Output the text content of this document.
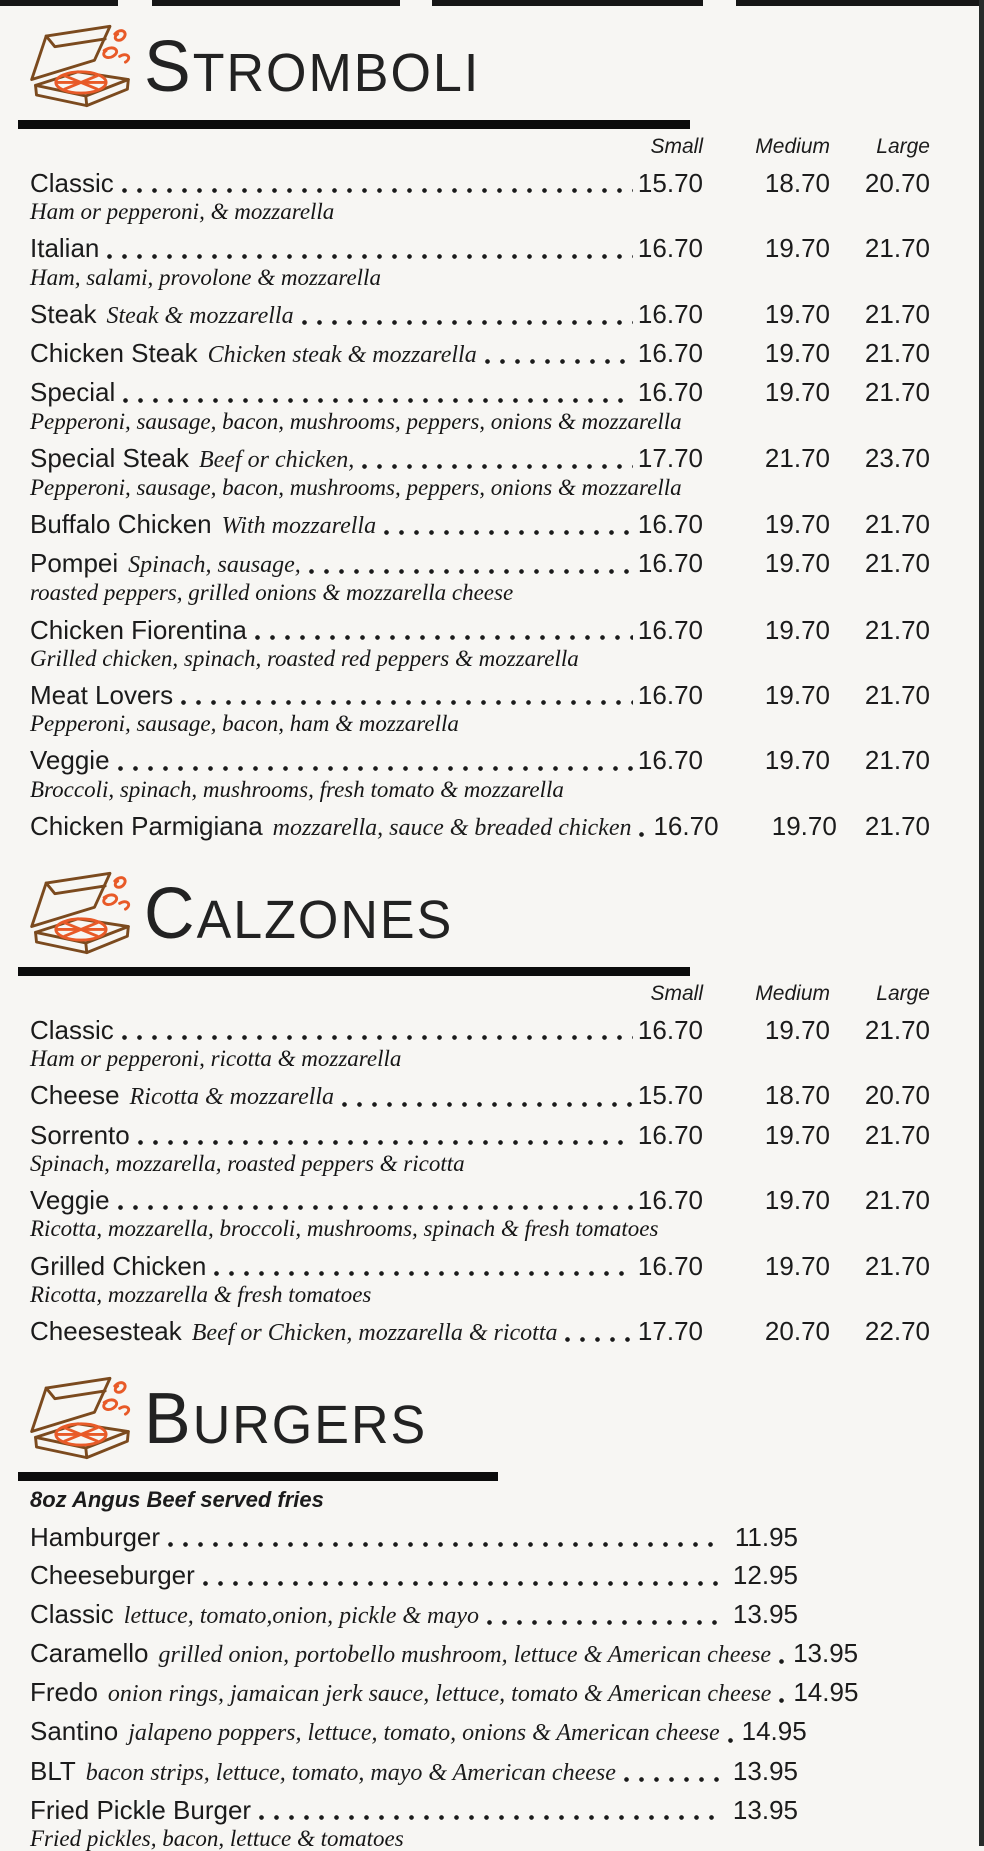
STROMBOLI
Small	Medium	Large
Classic	15.70	18.70	20.70
Ham or pepperoni, & mozzarella
Italian	16.70	19.70	21.70
Ham, salami, provolone & mozzarella
Steak Steak & mozzarella	16.70	19.70	21.70
Chicken Steak Chicken steak & mozzarella	16.70	19.70	21.70
Special	16.70	19.70	21.70
Pepperoni, sausage, bacon, mushrooms, peppers, onions & mozzarella
Special Steak Beef or chicken,	17.70	21.70	23.70
Pepperoni, sausage, bacon, mushrooms, peppers, onions & mozzarella
Buffalo Chicken With mozzarella	16.70	19.70	21.70
Pompei Spinach, sausage,	16.70	19.70	21.70
roasted peppers, grilled onions & mozzarella cheese
Chicken Fiorentina	16.70	19.70	21.70
Grilled chicken, spinach, roasted red peppers & mozzarella
Meat Lovers	16.70	19.70	21.70
Pepperoni, sausage, bacon, ham & mozzarella
Veggie	16.70	19.70	21.70
Broccoli, spinach, mushrooms, fresh tomato & mozzarella
Chicken Parmigiana mozzarella, sauce & breaded chicken 16.70	19.70	21.70
CALZONES
Small	Medium	Large
Classic	16.70	19.70	21.70
Ham or pepperoni, ricotta & mozzarella
Cheese Ricotta & mozzarella	15.70	18.70	20.70
Sorrento	16.70	19.70	21.70
Spinach, mozzarella, roasted peppers & ricotta
Veggie	16.70	19.70	21.70
Ricotta, mozzarella, broccoli, mushrooms, spinach & fresh tomatoes
Grilled Chicken	16.70	19.70	21.70
Ricotta, mozzarella & fresh tomatoes
Cheesesteak Beef or Chicken, mozzarella & ricotta	17.70	20.70	22.70
BURGERS
8oz Angus Beef served fries
Hamburger	11.95
Cheeseburger	12.95
Classic lettuce, tomato,onion, pickle & mayo	13.95
Caramello grilled onion, portobello mushroom, lettuce & American cheese 13.95
Fredo onion rings, jamaican jerk sauce, lettuce, tomato & American cheese 14.95
Santino jalapeno poppers, lettuce, tomato, onions & American cheese 14.95
BLT bacon strips, lettuce, tomato, mayo & American cheese	13.95
Fried Pickle Burger	13.95
Fried pickles, bacon, lettuce & tomatoes
